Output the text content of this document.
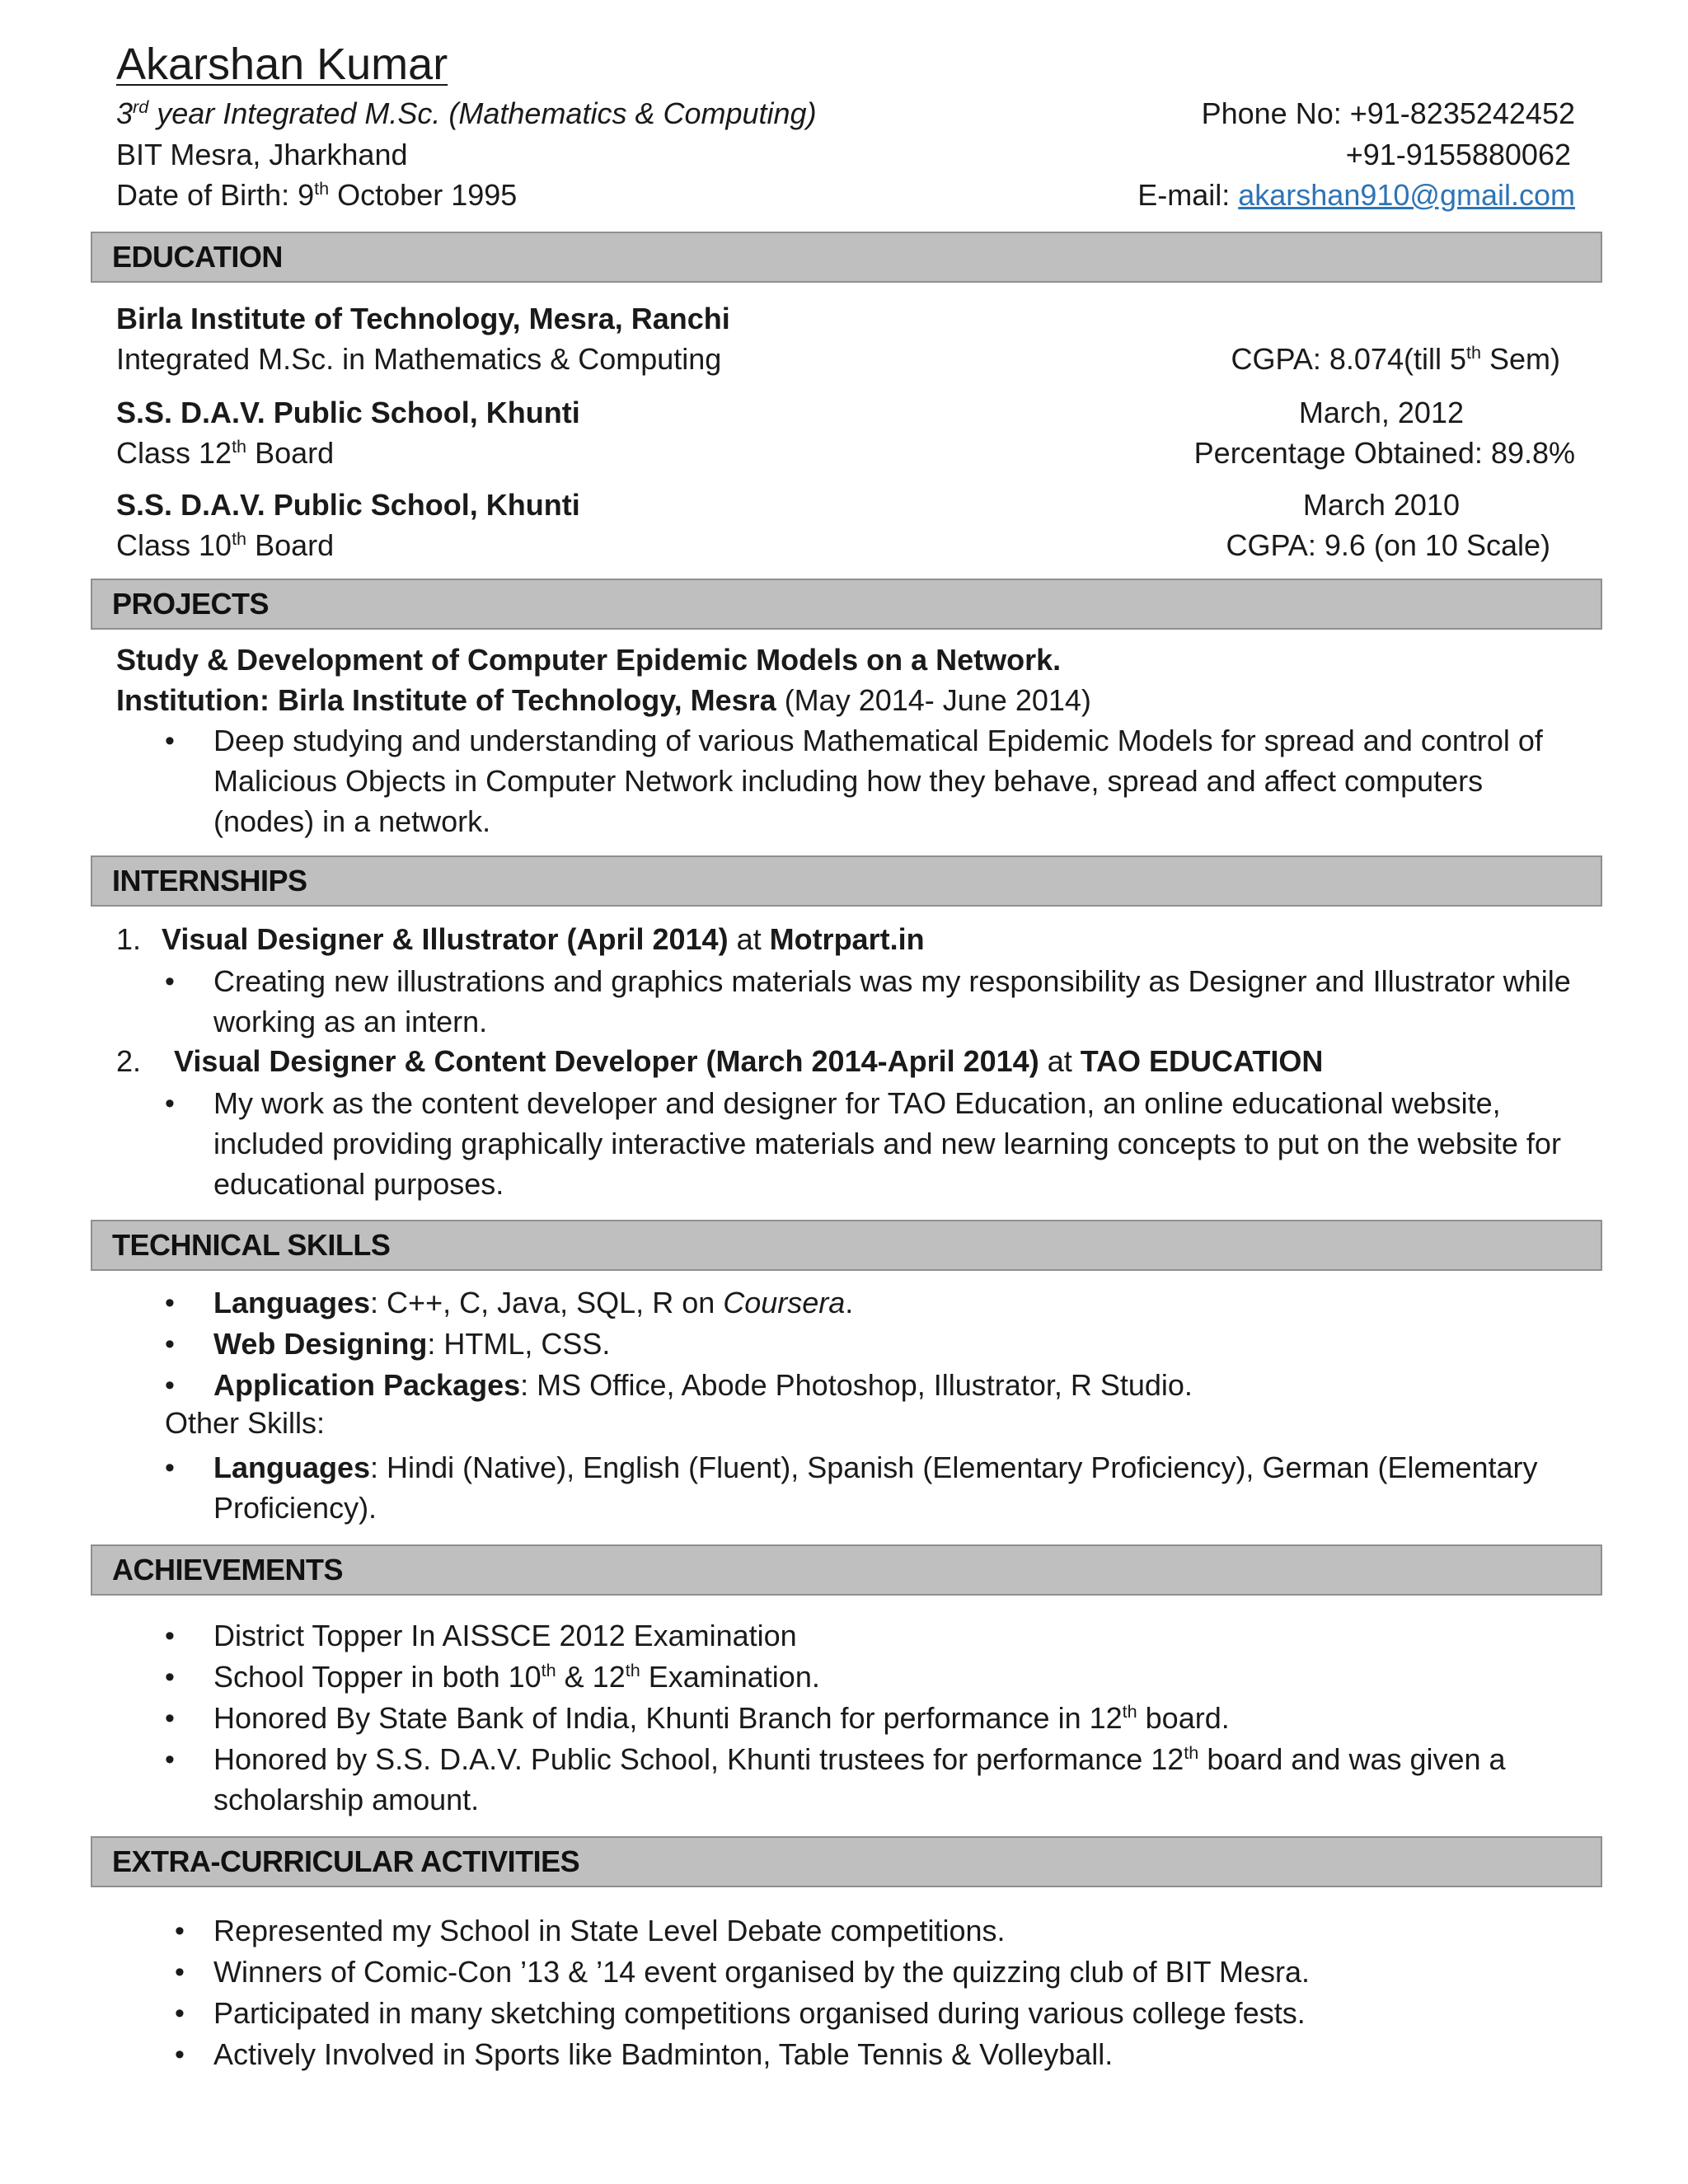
Akarshan Kumar
3rd year Integrated M.Sc. (Mathematics & Computing)	Phone No: +91-8235242452
BIT Mesra, Jharkhand	+91-9155880062
Date of Birth: 9th October 1995	E-mail: akarshan910@gmail.com
EDUCATION
Birla Institute of Technology, Mesra, Ranchi
Integrated M.Sc. in Mathematics & Computing	CGPA: 8.074(till 5th Sem)
S.S. D.A.V. Public School, Khunti	March, 2012
Class 12th Board	Percentage Obtained: 89.8%
S.S. D.A.V. Public School, Khunti	March 2010
Class 10th Board	CGPA: 9.6 (on 10 Scale)
PROJECTS
Study & Development of Computer Epidemic Models on a Network.
Institution: Birla Institute of Technology, Mesra (May 2014- June 2014)
• Deep studying and understanding of various Mathematical Epidemic Models for spread and control of Malicious Objects in Computer Network including how they behave, spread and affect computers (nodes) in a network.
INTERNSHIPS
1. Visual Designer & Illustrator (April 2014) at Motrpart.in
• Creating new illustrations and graphics materials was my responsibility as Designer and Illustrator while working as an intern.
2. Visual Designer & Content Developer (March 2014-April 2014) at TAO EDUCATION
• My work as the content developer and designer for TAO Education, an online educational website, included providing graphically interactive materials and new learning concepts to put on the website for educational purposes.
TECHNICAL SKILLS
• Languages: C++, C, Java, SQL, R on Coursera.
• Web Designing: HTML, CSS.
• Application Packages: MS Office, Abode Photoshop, Illustrator, R Studio.
Other Skills:
• Languages: Hindi (Native), English (Fluent), Spanish (Elementary Proficiency), German (Elementary Proficiency).
ACHIEVEMENTS
• District Topper In AISSCE 2012 Examination
• School Topper in both 10th & 12th Examination.
• Honored By State Bank of India, Khunti Branch for performance in 12th board.
• Honored by S.S. D.A.V. Public School, Khunti trustees for performance 12th board and was given a scholarship amount.
EXTRA-CURRICULAR ACTIVITIES
• Represented my School in State Level Debate competitions.
• Winners of Comic-Con ’13 & ’14 event organised by the quizzing club of BIT Mesra.
• Participated in many sketching competitions organised during various college fests.
• Actively Involved in Sports like Badminton, Table Tennis & Volleyball.
